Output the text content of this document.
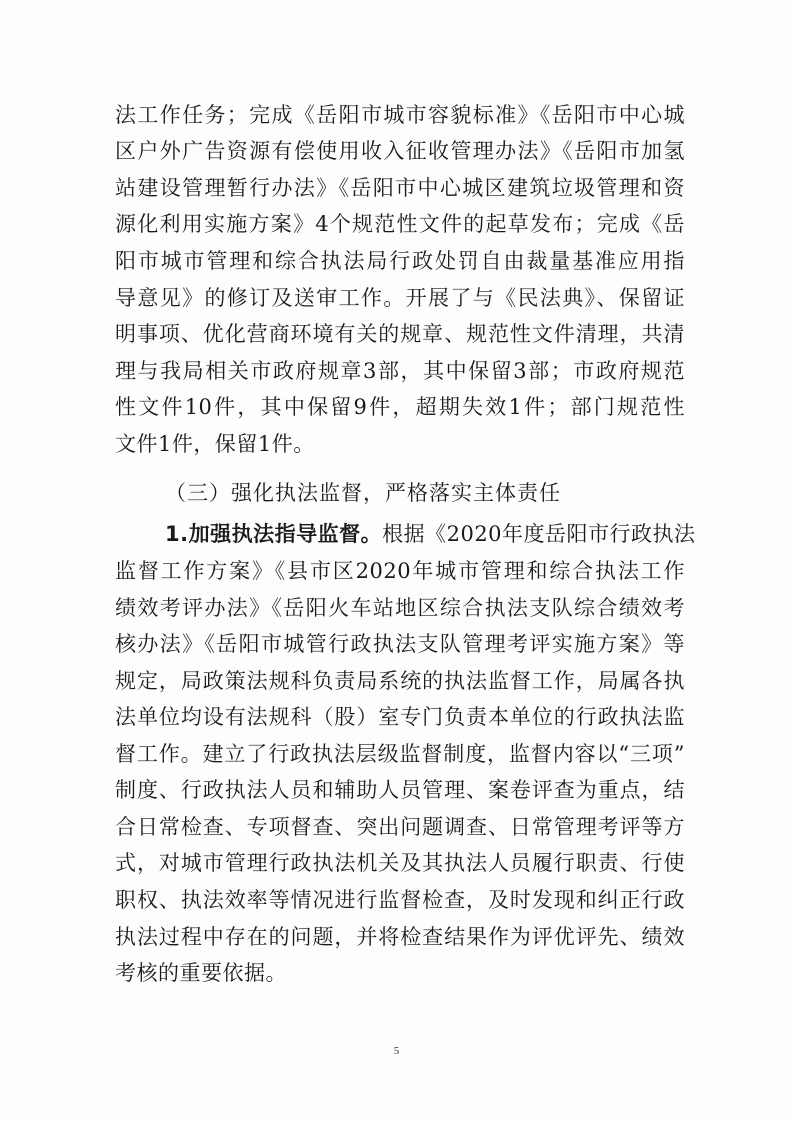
法工作任务；完成《岳阳市城市容貌标准》《岳阳市中心城
区户外广告资源有偿使用收入征收管理办法》《岳阳市加氢
站建设管理暂行办法》《岳阳市中心城区建筑垃圾管理和资
源化利用实施方案》4个规范性文件的起草发布；完成《岳
阳市城市管理和综合执法局行政处罚自由裁量基准应用指
导意见》的修订及送审工作。开展了与《民法典》、保留证
明事项、优化营商环境有关的规章、规范性文件清理，共清
理与我局相关市政府规章3部，其中保留3部；市政府规范
性文件10件，其中保留9件，超期失效1件；部门规范性
文件1件，保留1件。
（三）强化执法监督，严格落实主体责任
1.加强执法指导监督。根据《2020年度岳阳市行政执法
监督工作方案》《县市区2020年城市管理和综合执法工作
绩效考评办法》《岳阳火车站地区综合执法支队综合绩效考
核办法》《岳阳市城管行政执法支队管理考评实施方案》等
规定，局政策法规科负责局系统的执法监督工作，局属各执
法单位均设有法规科（股）室专门负责本单位的行政执法监
督工作。建立了行政执法层级监督制度，监督内容以“三项”
制度、行政执法人员和辅助人员管理、案卷评查为重点，结
合日常检查、专项督查、突出问题调查、日常管理考评等方
式，对城市管理行政执法机关及其执法人员履行职责、行使
职权、执法效率等情况进行监督检查，及时发现和纠正行政
执法过程中存在的问题，并将检查结果作为评优评先、绩效
考核的重要依据。
5
